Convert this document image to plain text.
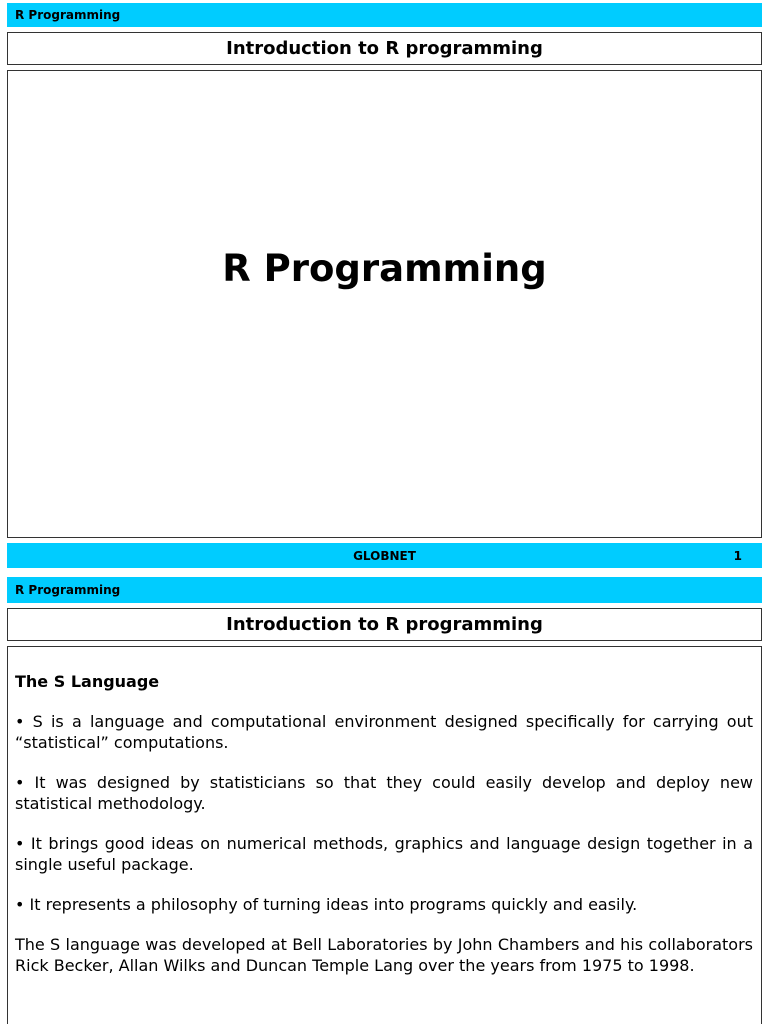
R Programming
Introduction to R programming
R Programming
GLOBNET	1
R Programming
Introduction to R programming
The S Language

• S is a language and computational environment designed specifically for carrying out “statistical” computations.

• It was designed by statisticians so that they could easily develop and deploy new statistical methodology.

• It brings good ideas on numerical methods, graphics and language design together in a single useful package.

• It represents a philosophy of turning ideas into programs quickly and easily.

The S language was developed at Bell Laboratories by John Chambers and his collaborators Rick Becker, Allan Wilks and Duncan Temple Lang over the years from 1975 to 1998.
